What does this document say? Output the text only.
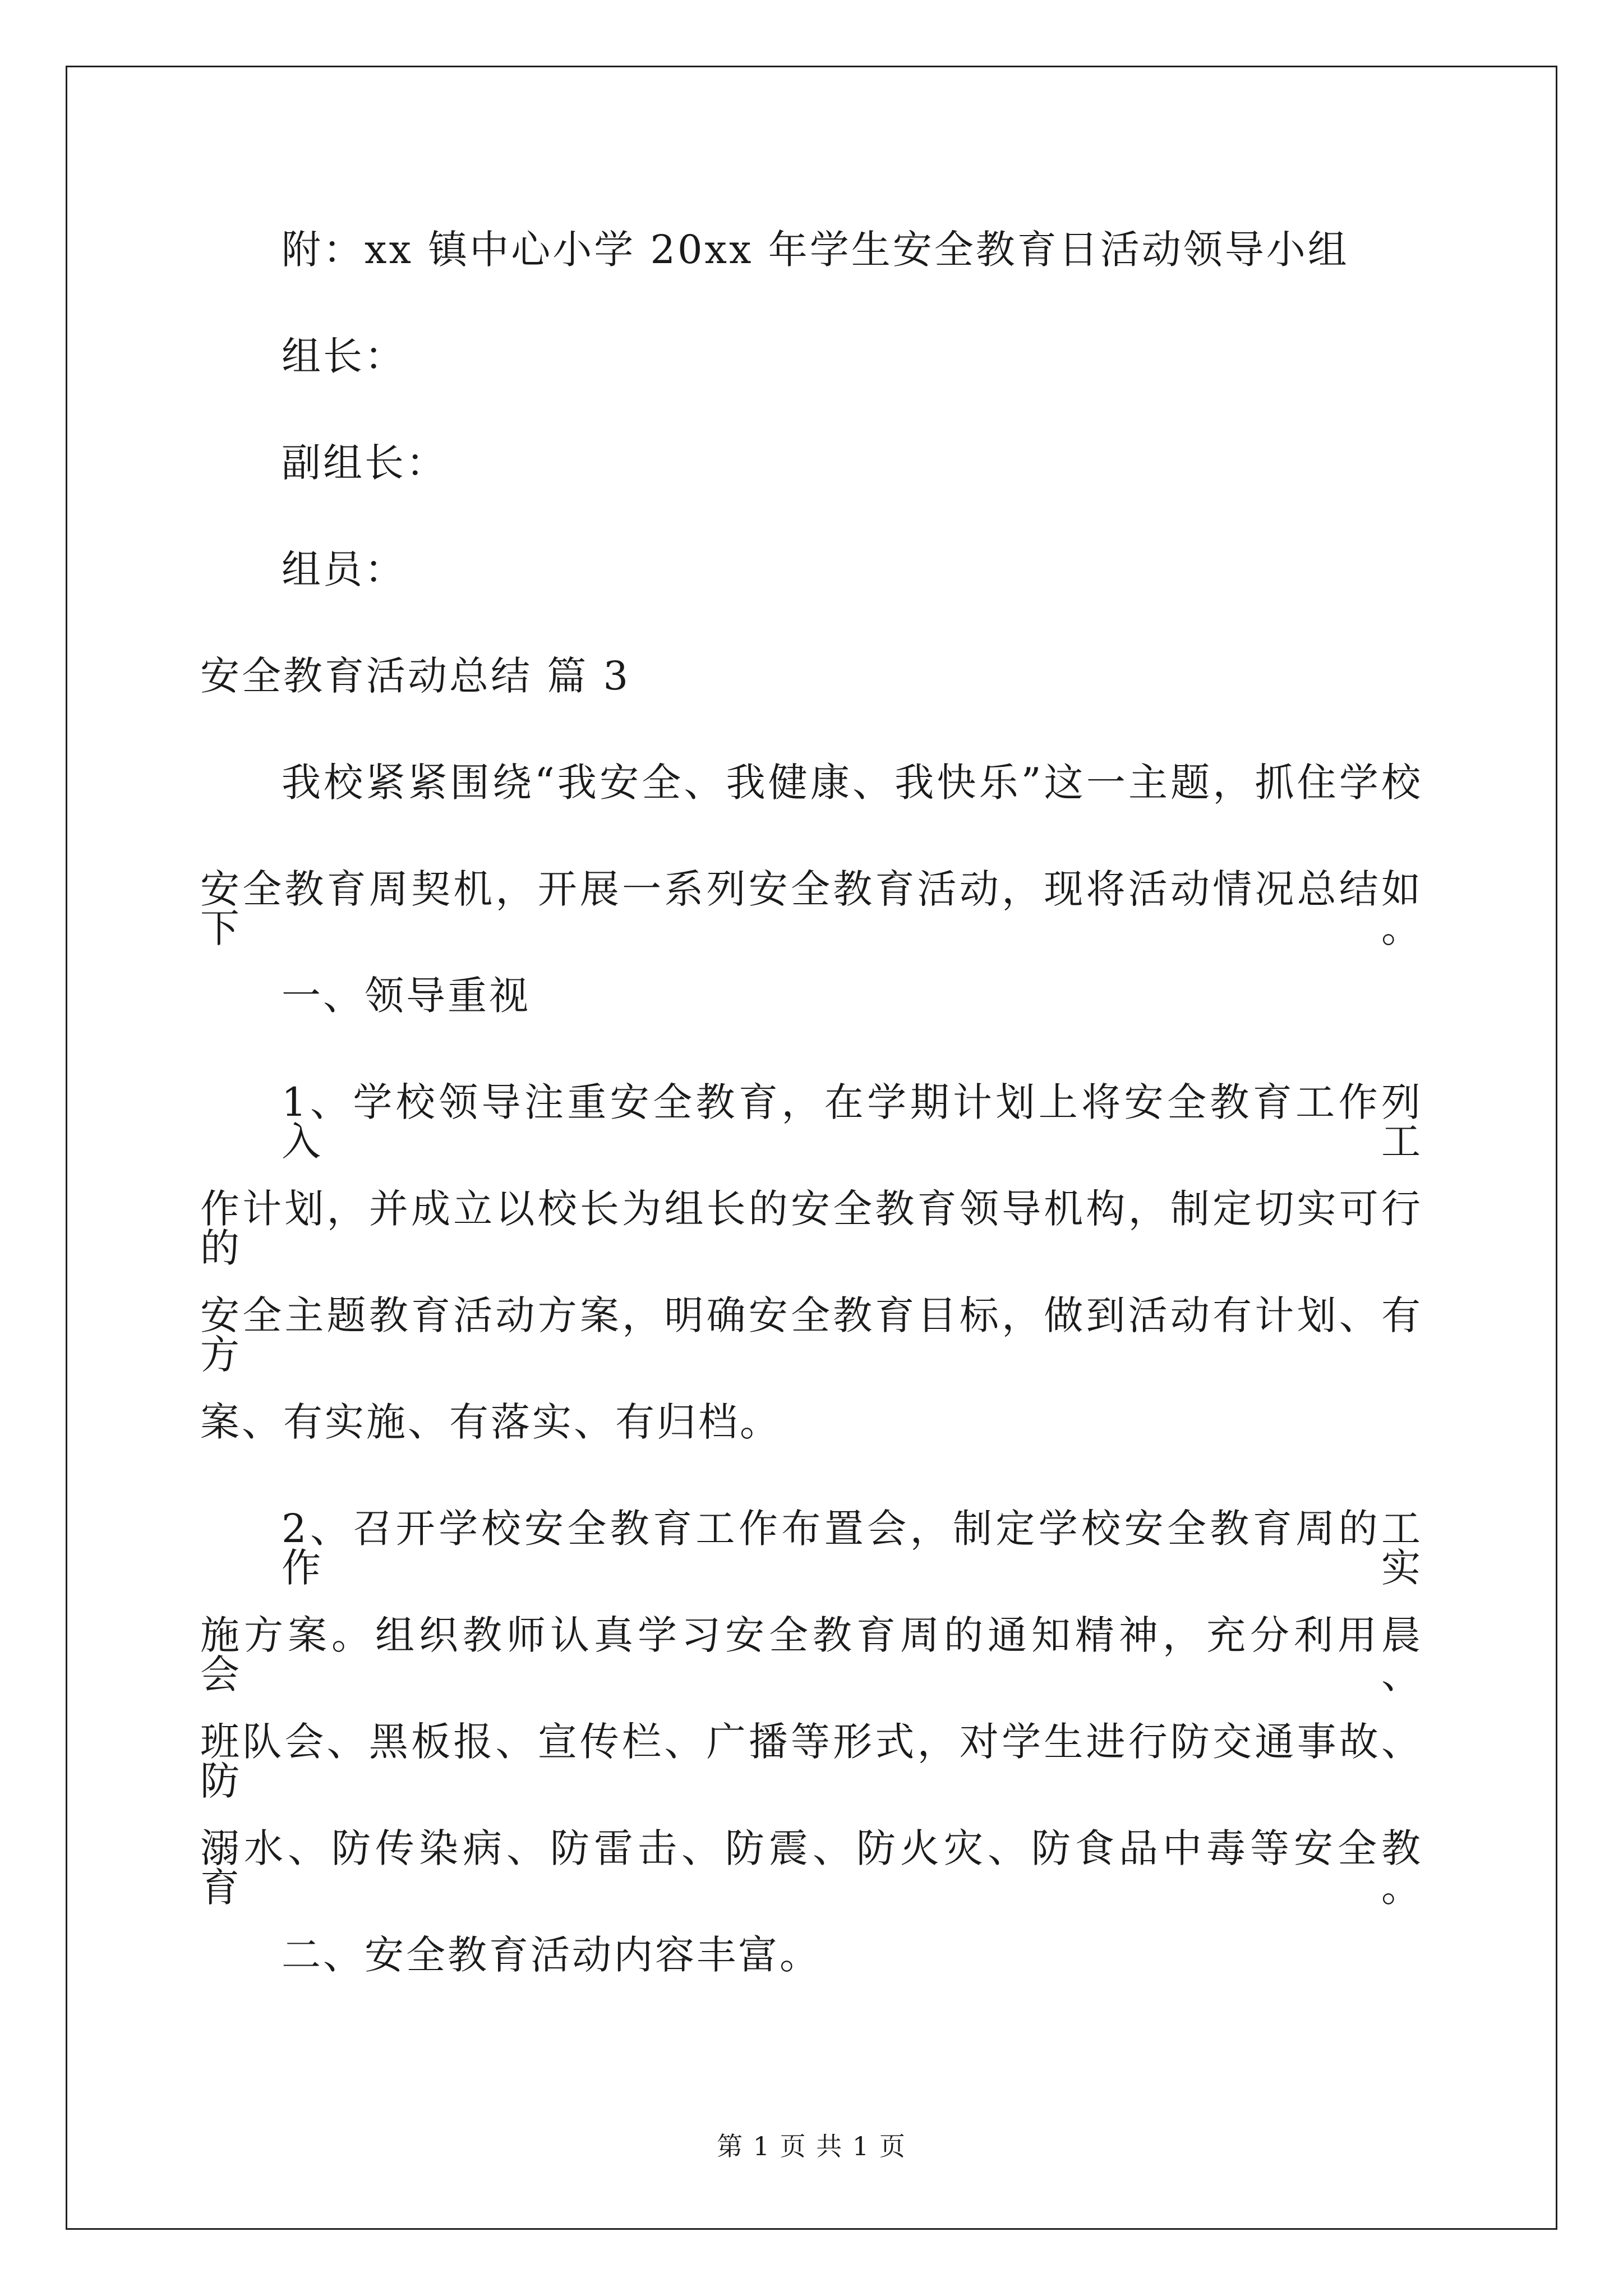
附：xx 镇中心小学 20xx 年学生安全教育日活动领导小组
组长：
副组长：
组员：
安全教育活动总结 篇 3
我校紧紧围绕“我安全、我健康、我快乐”这一主题，抓住学校
安全教育周契机，开展一系列安全教育活动，现将活动情况总结如下。
一、领导重视
1、学校领导注重安全教育，在学期计划上将安全教育工作列入工
作计划，并成立以校长为组长的安全教育领导机构，制定切实可行的
安全主题教育活动方案，明确安全教育目标，做到活动有计划、有方
案、有实施、有落实、有归档。
2、召开学校安全教育工作布置会，制定学校安全教育周的工作实
施方案。组织教师认真学习安全教育周的通知精神，充分利用晨会、
班队会、黑板报、宣传栏、广播等形式，对学生进行防交通事故、防
溺水、防传染病、防雷击、防震、防火灾、防食品中毒等安全教育。
二、安全教育活动内容丰富。
第 1 页 共 1 页
